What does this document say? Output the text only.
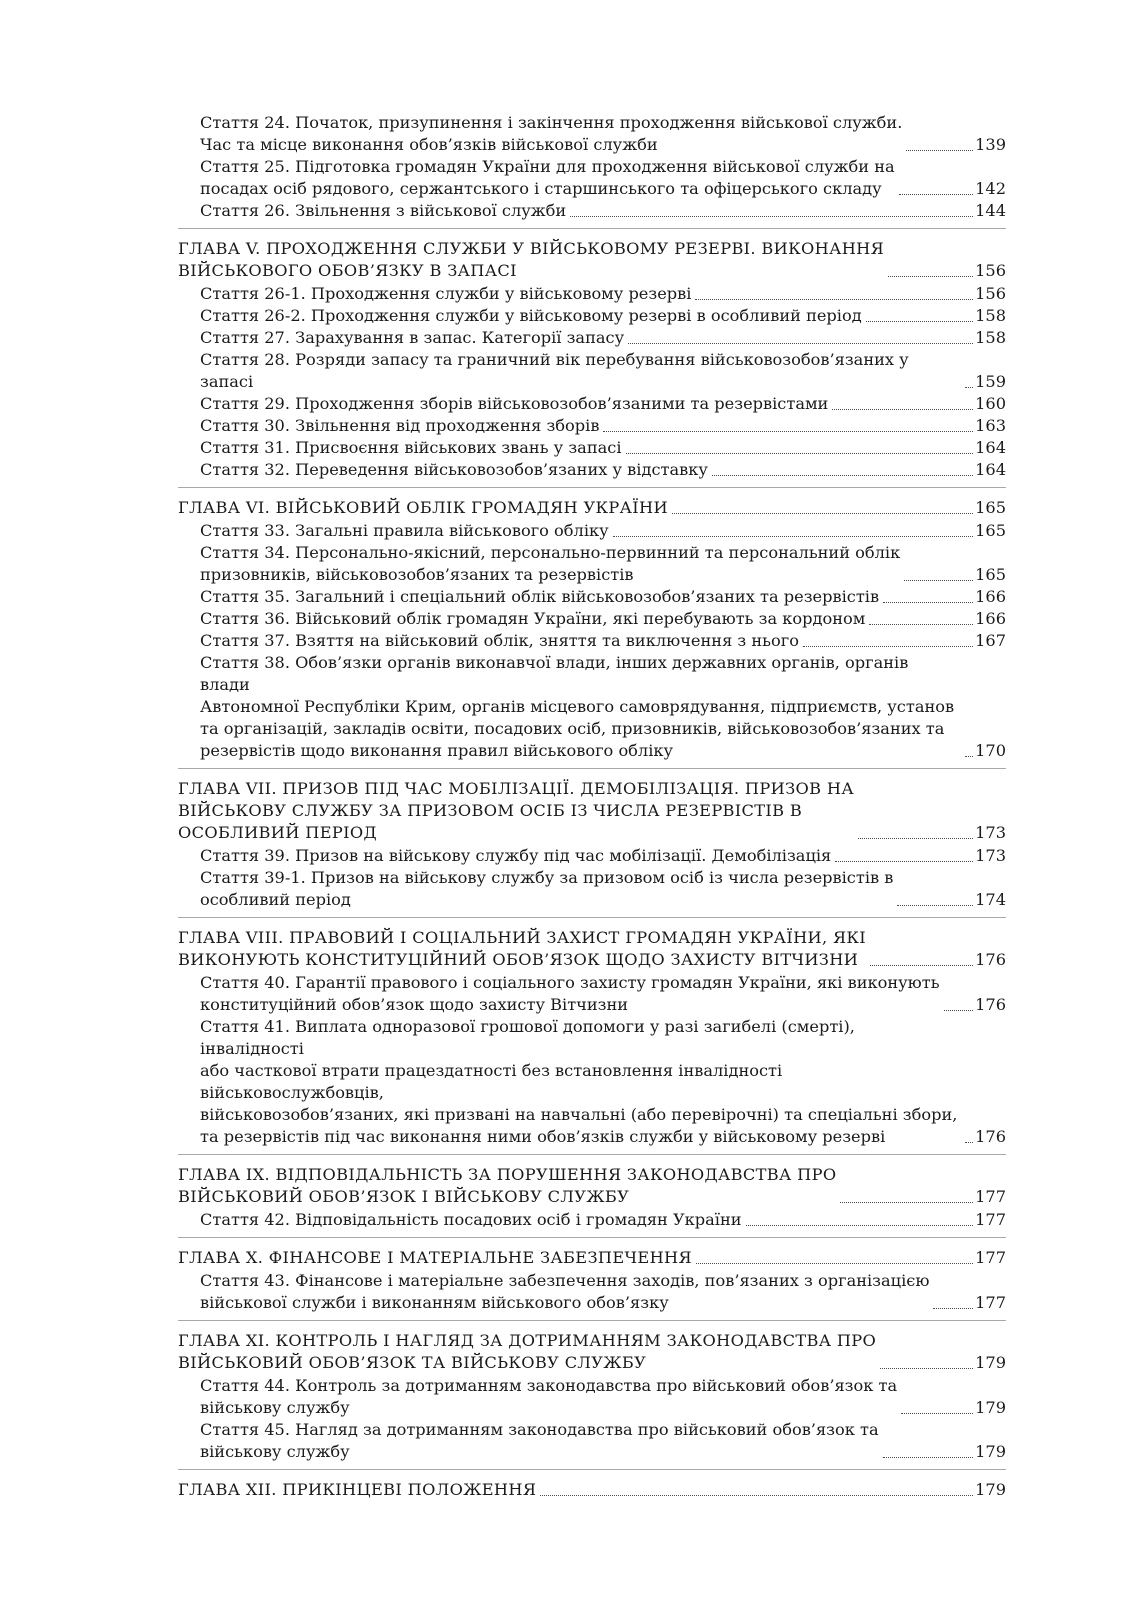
Стаття 24. Початок, призупинення і закінчення проходження військової служби.
Час та місце виконання обов’язків військової служби	139
Стаття 25. Підготовка громадян України для проходження військової служби на
посадах осіб рядового, сержантського і старшинського та офіцерського складу	142
Стаття 26. Звільнення з військової служби	144
ГЛАВА V. ПРОХОДЖЕННЯ СЛУЖБИ У ВІЙСЬКОВОМУ РЕЗЕРВІ. ВИКОНАННЯ
ВІЙСЬКОВОГО ОБОВ’ЯЗКУ В ЗАПАСІ	156
Стаття 26-1. Проходження служби у військовому резерві	156
Стаття 26-2. Проходження служби у військовому резерві в особливий період	158
Стаття 27. Зарахування в запас. Категорії запасу	158
Стаття 28. Розряди запасу та граничний вік перебування військовозобов’язаних у запасі	159
Стаття 29. Проходження зборів військовозобов’язаними та резервістами	160
Стаття 30. Звільнення від проходження зборів	163
Стаття 31. Присвоєння військових звань у запасі	164
Стаття 32. Переведення військовозобов’язаних у відставку	164
ГЛАВА VI. ВІЙСЬКОВИЙ ОБЛІК ГРОМАДЯН УКРАЇНИ	165
Стаття 33. Загальні правила військового обліку	165
Стаття 34. Персонально-якісний, персонально-первинний та персональний облік
призовників, військовозобов’язаних та резервістів	165
Стаття 35. Загальний і спеціальний облік військовозобов’язаних та резервістів	166
Стаття 36. Військовий облік громадян України, які перебувають за кордоном	166
Стаття 37. Взяття на військовий облік, зняття та виключення з нього	167
Стаття 38. Обов’язки органів виконавчої влади, інших державних органів, органів влади
Автономної Республіки Крим, органів місцевого самоврядування, підприємств, установ
та організацій, закладів освіти, посадових осіб, призовників, військовозобов’язаних та
резервістів щодо виконання правил військового обліку	170
ГЛАВА VII. ПРИЗОВ ПІД ЧАС МОБІЛІЗАЦІЇ. ДЕМОБІЛІЗАЦІЯ. ПРИЗОВ НА
ВІЙСЬКОВУ СЛУЖБУ ЗА ПРИЗОВОМ ОСІБ ІЗ ЧИСЛА РЕЗЕРВІСТІВ В
ОСОБЛИВИЙ ПЕРІОД	173
Стаття 39. Призов на військову службу під час мобілізації. Демобілізація	173
Стаття 39-1. Призов на військову службу за призовом осіб із числа резервістів в
особливий період	174
ГЛАВА VIII. ПРАВОВИЙ І СОЦІАЛЬНИЙ ЗАХИСТ ГРОМАДЯН УКРАЇНИ, ЯКІ
ВИКОНУЮТЬ КОНСТИТУЦІЙНИЙ ОБОВ’ЯЗОК ЩОДО ЗАХИСТУ ВІТЧИЗНИ	176
Стаття 40. Гарантії правового і соціального захисту громадян України, які виконують
конституційний обов’язок щодо захисту Вітчизни	176
Стаття 41. Виплата одноразової грошової допомоги у разі загибелі (смерті), інвалідності
або часткової втрати працездатності без встановлення інвалідності військовослужбовців,
військовозобов’язаних, які призвані на навчальні (або перевірочні) та спеціальні збори,
та резервістів під час виконання ними обов’язків служби у військовому резерві	176
ГЛАВА IX. ВІДПОВІДАЛЬНІСТЬ ЗА ПОРУШЕННЯ ЗАКОНОДАВСТВА ПРО
ВІЙСЬКОВИЙ ОБОВ’ЯЗОК І ВІЙСЬКОВУ СЛУЖБУ	177
Стаття 42. Відповідальність посадових осіб і громадян України	177
ГЛАВА X. ФІНАНСОВЕ І МАТЕРІАЛЬНЕ ЗАБЕЗПЕЧЕННЯ	177
Стаття 43. Фінансове і матеріальне забезпечення заходів, пов’язаних з організацією
військової служби і виконанням військового обов’язку	177
ГЛАВА XI. КОНТРОЛЬ І НАГЛЯД ЗА ДОТРИМАННЯМ ЗАКОНОДАВСТВА ПРО
ВІЙСЬКОВИЙ ОБОВ’ЯЗОК ТА ВІЙСЬКОВУ СЛУЖБУ	179
Стаття 44. Контроль за дотриманням законодавства про військовий обов’язок та
військову службу	179
Стаття 45. Нагляд за дотриманням законодавства про військовий обов’язок та
військову службу	179
ГЛАВА XII. ПРИКІНЦЕВІ ПОЛОЖЕННЯ	179
